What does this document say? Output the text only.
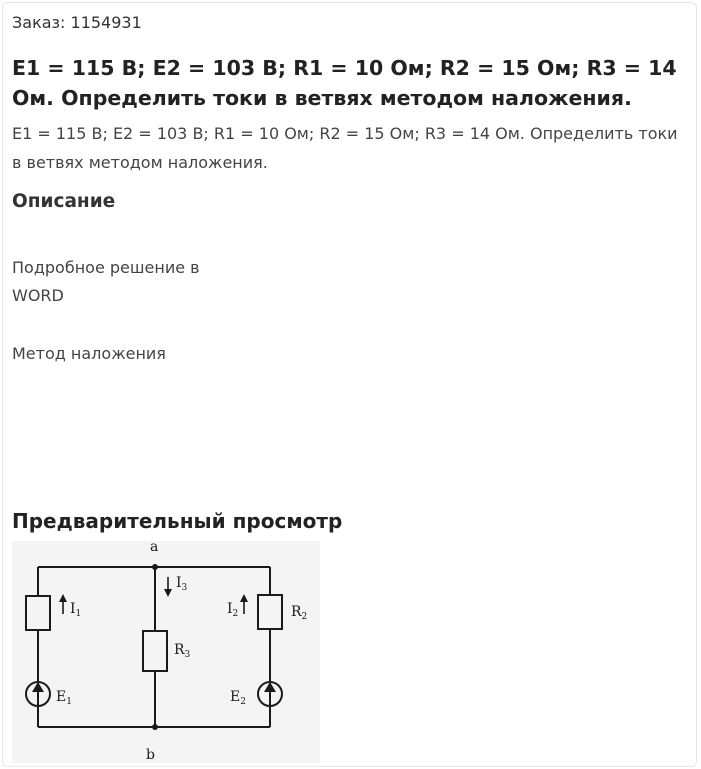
Заказ: 1154931

E1 = 115 В; E2 = 103 В; R1 = 10 Ом; R2 = 15 Ом; R3 = 14 Ом. Определить токи в ветвях методом наложения.

E1 = 115 В; E2 = 103 В; R1 = 10 Ом; R2 = 15 Ом; R3 = 14 Ом. Определить токи в ветвях методом наложения.

Описание

Подробное решение в

WORD

Метод наложения

Предварительный просмотр
a
b
$I_1$
$I_3$
$I_2$
$R_3$
$R_2$
$E_1$	$E_2$
